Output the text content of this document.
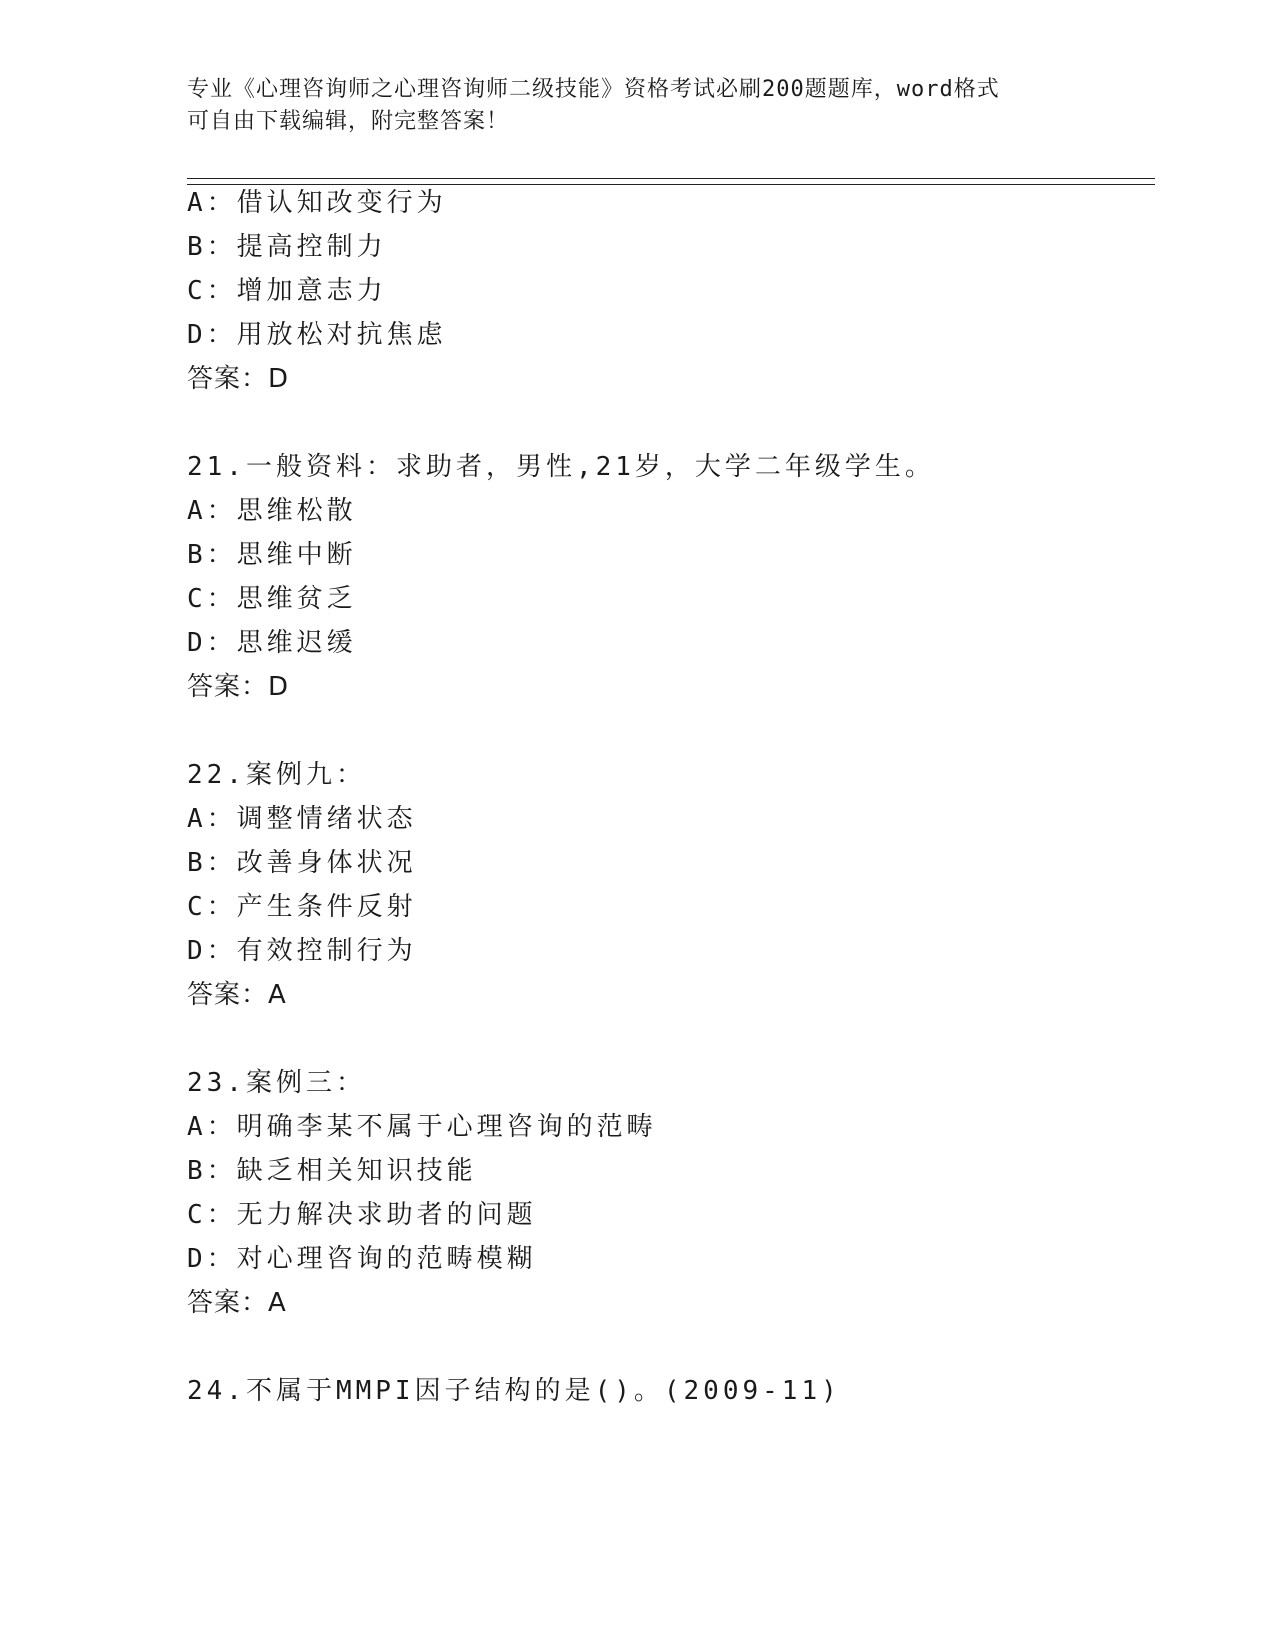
专业《心理咨询师之心理咨询师二级技能》资格考试必刷200题题库，word格式
可自由下载编辑，附完整答案！
A：借认知改变行为
B：提高控制力
C：增加意志力
D：用放松对抗焦虑
答案：D
21.一般资料：求助者，男性,21岁，大学二年级学生。
A：思维松散
B：思维中断
C：思维贫乏
D：思维迟缓
答案：D
22.案例九：
A：调整情绪状态
B：改善身体状况
C：产生条件反射
D：有效控制行为
答案：A
23.案例三：
A：明确李某不属于心理咨询的范畴
B：缺乏相关知识技能
C：无力解决求助者的问题
D：对心理咨询的范畴模糊
答案：A
24.不属于MMPI因子结构的是()。(2009-11)
